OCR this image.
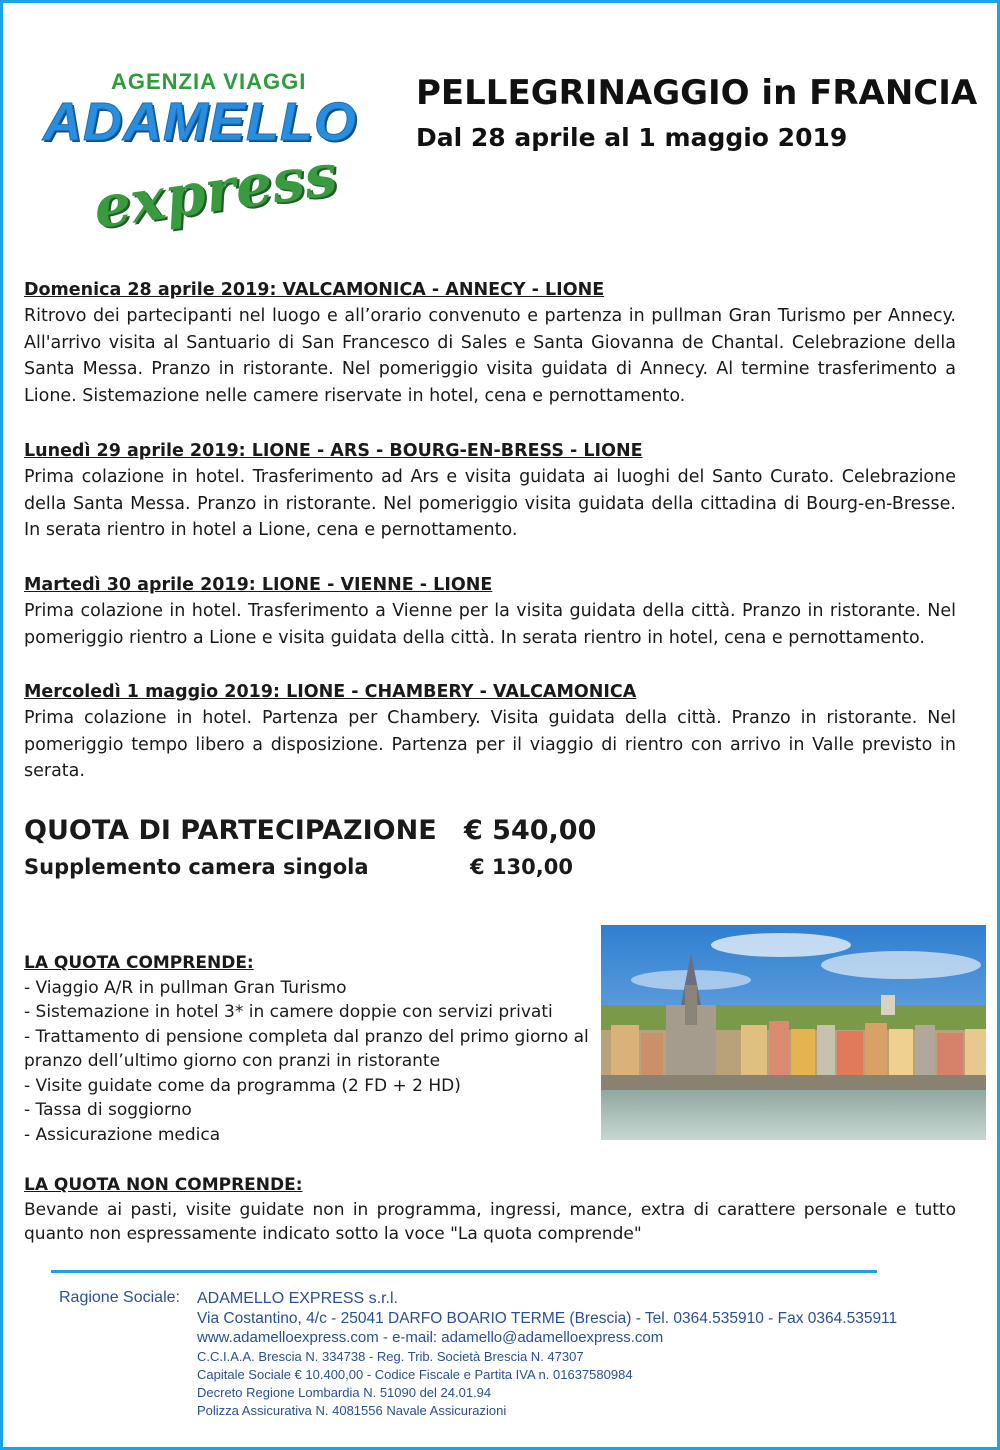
AGENZIA VIAGGI
ADAMELLO
express
PELLEGRINAGGIO in FRANCIA
Dal 28 aprile al 1 maggio 2019
Domenica 28 aprile 2019: VALCAMONICA - ANNECY - LIONE

Ritrovo dei partecipanti nel luogo e all’orario convenuto e partenza in pullman Gran Turismo per Annecy. All'arrivo visita al Santuario di San Francesco di Sales e Santa Giovanna de Chantal. Celebrazione della Santa Messa. Pranzo in ristorante. Nel pomeriggio visita guidata di Annecy. Al termine trasferimento a Lione. Sistemazione nelle camere riservate in hotel, cena e pernottamento.

Lunedì 29 aprile 2019: LIONE - ARS - BOURG-EN-BRESS - LIONE

Prima colazione in hotel. Trasferimento ad Ars e visita guidata ai luoghi del Santo Curato. Celebrazione della Santa Messa. Pranzo in ristorante. Nel pomeriggio visita guidata della cittadina di Bourg-en-Bresse. In serata rientro in hotel a Lione, cena e pernottamento.

Martedì 30 aprile 2019: LIONE - VIENNE - LIONE

Prima colazione in hotel. Trasferimento a Vienne per la visita guidata della città. Pranzo in ristorante. Nel pomeriggio rientro a Lione e visita guidata della città. In serata rientro in hotel, cena e pernottamento.

Mercoledì 1 maggio 2019: LIONE - CHAMBERY - VALCAMONICA

Prima colazione in hotel. Partenza per Chambery. Visita guidata della città. Pranzo in ristorante. Nel pomeriggio tempo libero a disposizione. Partenza per il viaggio di rientro con arrivo in Valle previsto in serata.

QUOTA DI PARTECIPAZIONE € 540,00
Supplemento camera singola	€ 130,00
LA QUOTA COMPRENDE:
- Viaggio A/R in pullman Gran Turismo
- Sistemazione in hotel 3* in camere doppie con servizi privati
- Trattamento di pensione completa dal pranzo del primo giorno al pranzo dell’ultimo giorno con pranzi in ristorante
- Visite guidate come da programma (2 FD + 2 HD)
- Tassa di soggiorno
- Assicurazione medica
LA QUOTA NON COMPRENDE:

Bevande ai pasti, visite guidate non in programma, ingressi, mance, extra di carattere personale e tutto quanto non espressamente indicato sotto la voce "La quota comprende"

Ragione Sociale: ADAMELLO EXPRESS s.r.l.
Via Costantino, 4/c - 25041 DARFO BOARIO TERME (Brescia) - Tel. 0364.535910 - Fax 0364.535911
www.adamelloexpress.com - e-mail: adamello@adamelloexpress.com
C.C.I.A.A. Brescia N. 334738 - Reg. Trib. Società Brescia N. 47307
Capitale Sociale € 10.400,00 - Codice Fiscale e Partita IVA n. 01637580984
Decreto Regione Lombardia N. 51090 del 24.01.94
Polizza Assicurativa N. 4081556 Navale Assicurazioni
